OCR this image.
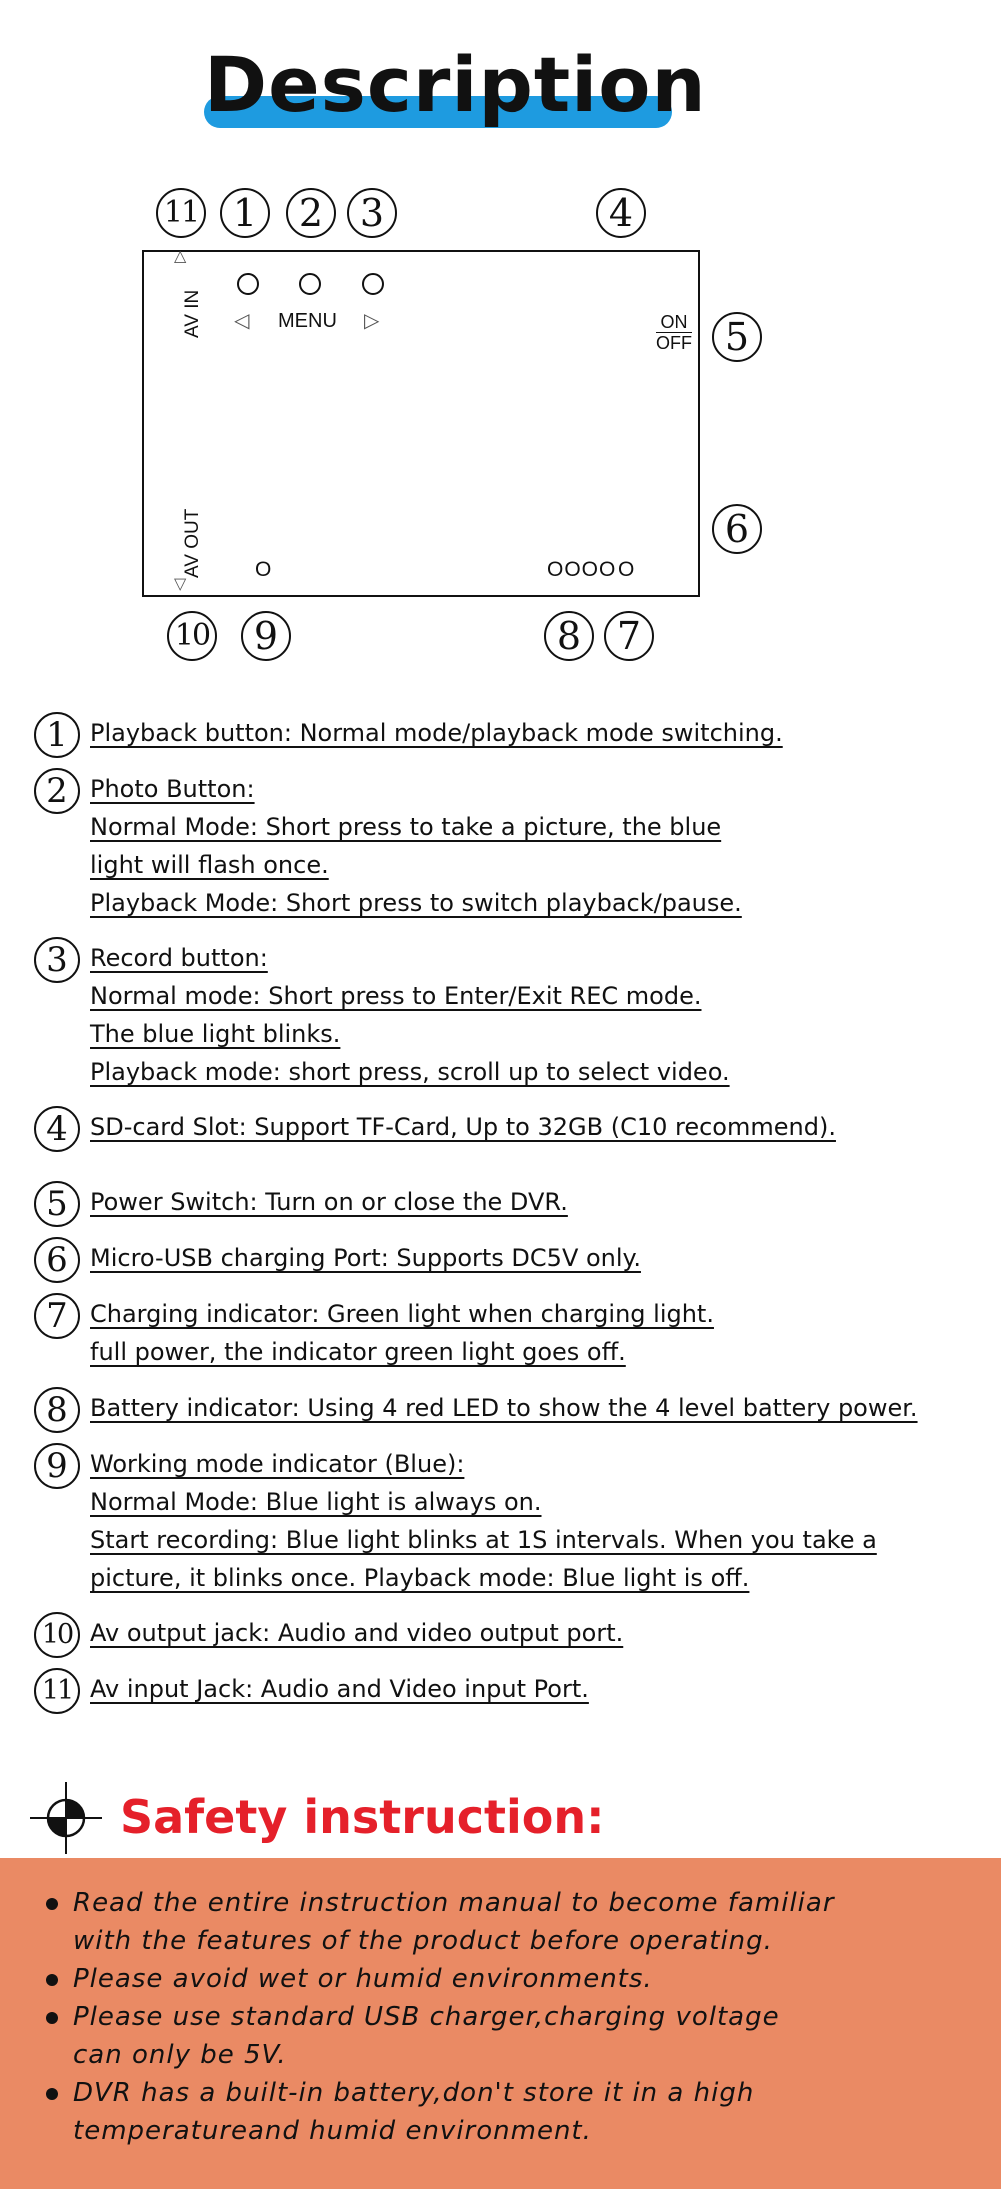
Description
11 1	2 3	4
5
6
10	9	8 7
AV IN
△
◁ MENU ▷	ON
OFF
AV OUT
▽
O	OOOO O
1 Playback button: Normal mode/playback mode switching.
2 Photo Button:
Normal Mode: Short press to take a picture, the blue
light will flash once.
Playback Mode: Short press to switch playback/pause.
3 Record button:
Normal mode: Short press to Enter/Exit REC mode.
The blue light blinks.
Playback mode: short press, scroll up to select video.
4 SD-card Slot: Support TF-Card, Up to 32GB (C10 recommend).
5 Power Switch: Turn on or close the DVR.
6 Micro-USB charging Port: Supports DC5V only.
7 Charging indicator: Green light when charging light.
full power, the indicator green light goes off.
8 Battery indicator: Using 4 red LED to show the 4 level battery power.
9 Working mode indicator (Blue):
Normal Mode: Blue light is always on.
Start recording: Blue light blinks at 1S intervals. When you take a
picture, it blinks once. Playback mode: Blue light is off.
10 Av output jack: Audio and video output port.
11 Av input Jack: Audio and Video input Port.
Safety instruction:
Read the entire instruction manual to become familiar
with the features of the product before operating.
Please avoid wet or humid environments.
Please use standard USB charger,charging voltage
can only be 5V.
DVR has a built-in battery,don't store it in a high
temperatureand humid environment.
